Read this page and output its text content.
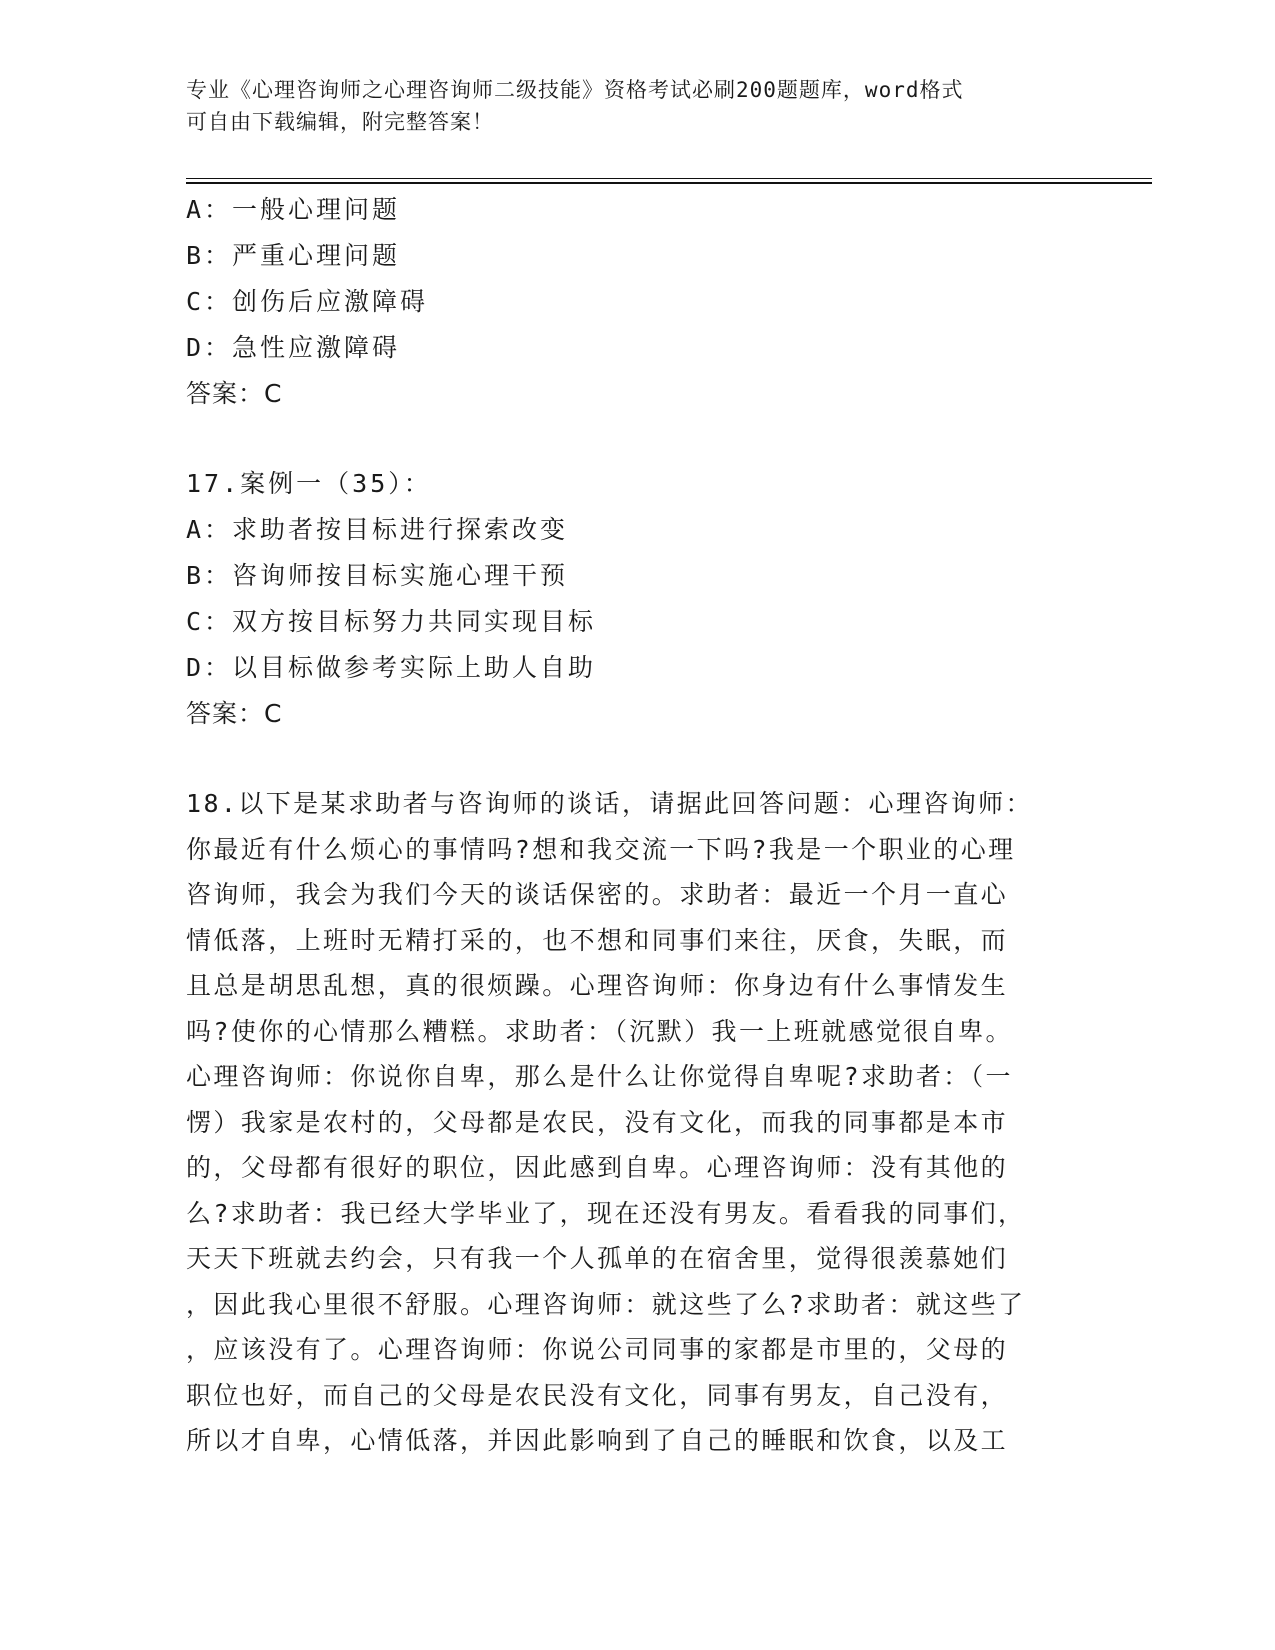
专业《心理咨询师之心理咨询师二级技能》资格考试必刷200题题库，word格式
可自由下载编辑，附完整答案！
A：一般心理问题
B：严重心理问题
C：创伤后应激障碍
D：急性应激障碍
答案：C
17.案例一（35）：
A：求助者按目标进行探索改变
B：咨询师按目标实施心理干预
C：双方按目标努力共同实现目标
D：以目标做参考实际上助人自助
答案：C
18.以下是某求助者与咨询师的谈话，请据此回答问题：心理咨询师：
你最近有什么烦心的事情吗?想和我交流一下吗?我是一个职业的心理
咨询师，我会为我们今天的谈话保密的。求助者：最近一个月一直心
情低落，上班时无精打采的，也不想和同事们来往，厌食，失眠，而
且总是胡思乱想，真的很烦躁。心理咨询师：你身边有什么事情发生
吗?使你的心情那么糟糕。求助者：（沉默）我一上班就感觉很自卑。
心理咨询师：你说你自卑，那么是什么让你觉得自卑呢?求助者：（一
愣）我家是农村的，父母都是农民，没有文化，而我的同事都是本市
的，父母都有很好的职位，因此感到自卑。心理咨询师：没有其他的
么?求助者：我已经大学毕业了，现在还没有男友。看看我的同事们，
天天下班就去约会，只有我一个人孤单的在宿舍里，觉得很羡慕她们
，因此我心里很不舒服。心理咨询师：就这些了么?求助者：就这些了
，应该没有了。心理咨询师：你说公司同事的家都是市里的，父母的
职位也好，而自己的父母是农民没有文化，同事有男友，自己没有，
所以才自卑，心情低落，并因此影响到了自己的睡眠和饮食，以及工
